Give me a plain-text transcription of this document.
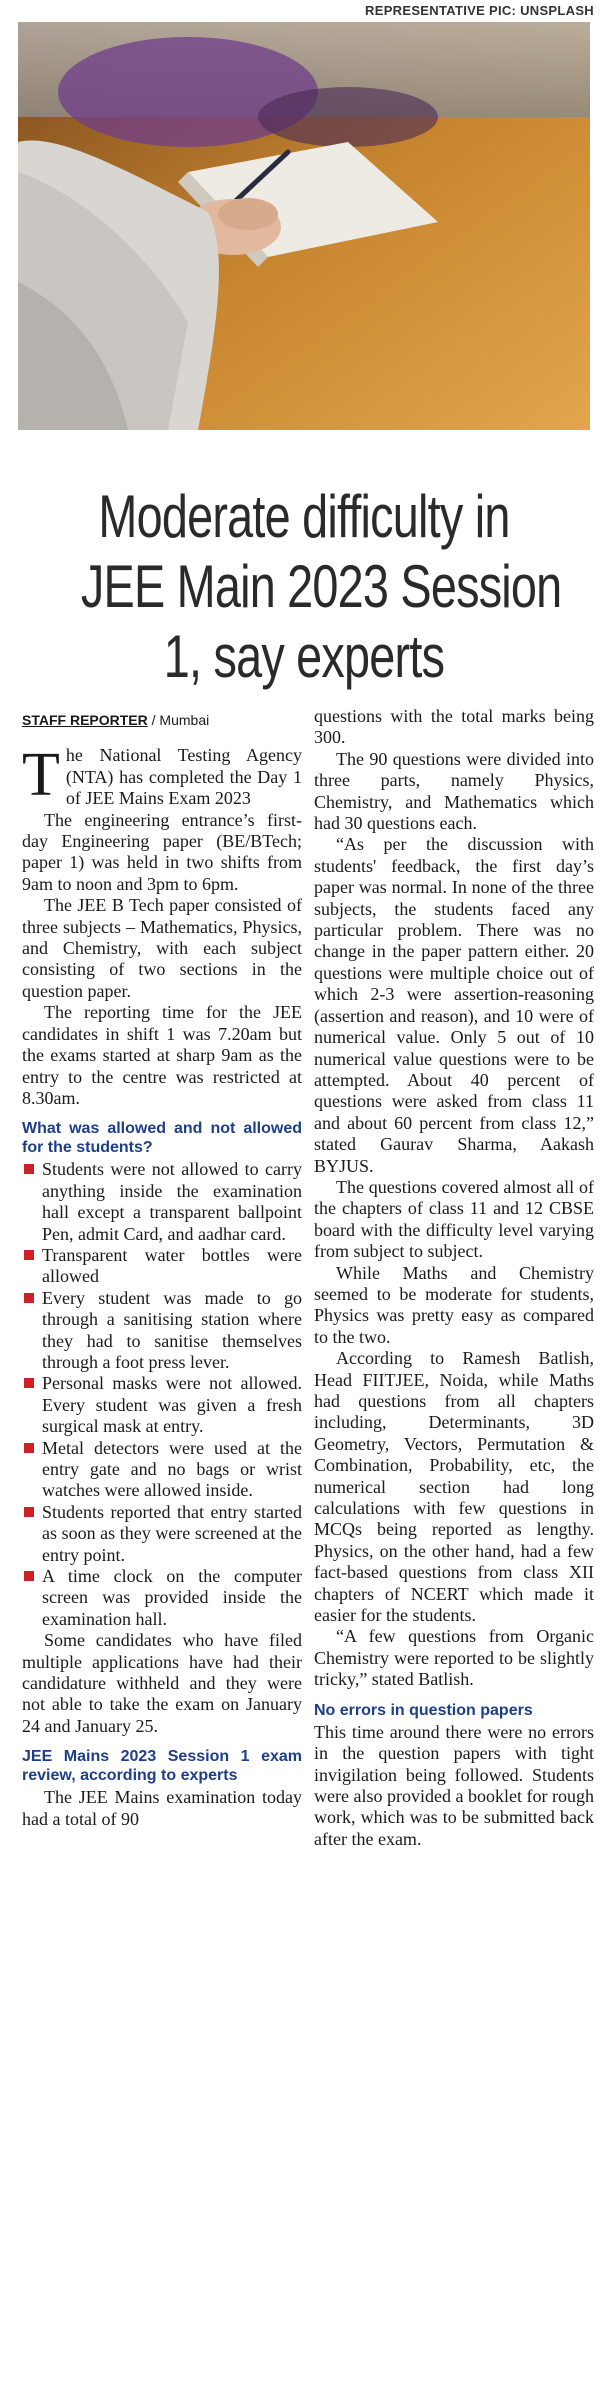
REPRESENTATIVE PIC: UNSPLASH
Moderate difficulty in
JEE Main 2023 Session
1, say experts
STAFF REPORTER / Mumbai

The National Testing Agency (NTA) has completed the Day 1 of JEE Mains Exam 2023

The engineering entrance’s first-day Engineering paper (BE/BTech; paper 1) was held in two shifts from 9am to noon and 3pm to 6pm.

The JEE B Tech paper consisted of three subjects – Mathematics, Physics, and Chemistry, with each subject consisting of two sections in the question paper.

The reporting time for the JEE candidates in shift 1 was 7.20am but the exams started at sharp 9am as the entry to the centre was restricted at 8.30am.

What was allowed and not allowed for the students?
Students were not allowed to carry anything inside the examination hall except a transparent ballpoint Pen, admit Card, and aadhar card.
Transparent water bottles were allowed
Every student was made to go through a sanitising station where they had to sanitise themselves through a foot press lever.
Personal masks were not allowed. Every student was given a fresh surgical mask at entry.
Metal detectors were used at the entry gate and no bags or wrist watches were allowed inside.
Students reported that entry started as soon as they were screened at the entry point.
A time clock on the computer screen was provided inside the examination hall.

Some candidates who have filed multiple applications have had their candidature withheld and they were not able to take the exam on January 24 and January 25.

JEE Mains 2023 Session 1 exam review, according to experts

The JEE Mains examination today had a total of 90

questions with the total marks being 300.

The 90 questions were divided into three parts, namely Physics, Chemistry, and Mathematics which had 30 questions each.

“As per the discussion with students' feedback, the first day’s paper was normal. In none of the three subjects, the students faced any particular problem. There was no change in the paper pattern either. 20 questions were multiple choice out of which 2-3 were assertion-reasoning (assertion and reason), and 10 were of numerical value. Only 5 out of 10 numerical value questions were to be attempted. About 40 percent of questions were asked from class 11 and about 60 percent from class 12,” stated Gaurav Sharma, Aakash BYJUS.

The questions covered almost all of the chapters of class 11 and 12 CBSE board with the difficulty level varying from subject to subject.

While Maths and Chemistry seemed to be moderate for students, Physics was pretty easy as compared to the two.

According to Ramesh Batlish, Head FIITJEE, Noida, while Maths had questions from all chapters including, Determinants, 3D Geometry, Vectors, Permutation & Combination, Probability, etc, the numerical section had long calculations with few questions in MCQs being reported as lengthy. Physics, on the other hand, had a few fact-based questions from class XII chapters of NCERT which made it easier for the students.

“A few questions from Organic Chemistry were reported to be slightly tricky,” stated Batlish.

No errors in question papers

This time around there were no errors in the question papers with tight invigilation being followed. Students were also provided a booklet for rough work, which was to be submitted back after the exam.
